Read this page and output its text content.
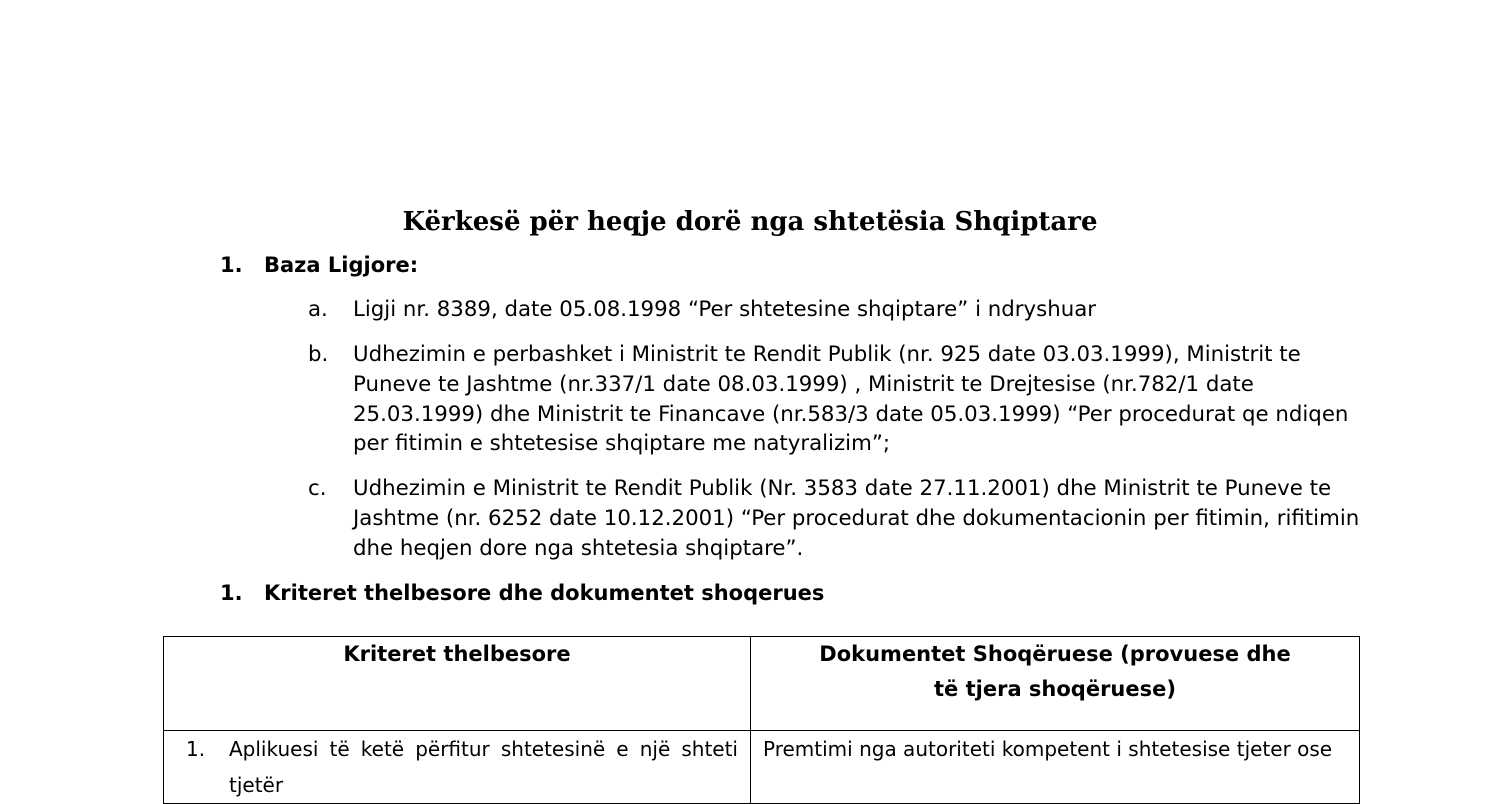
Kërkesë për heqje dorë nga shtetësia Shqiptare
1. Baza Ligjore:
a. Ligji nr. 8389, date 05.08.1998 “Per shtetesine shqiptare” i ndryshuar
b. Udhezimin e perbashket i Ministrit te Rendit Publik (nr. 925 date 03.03.1999), Ministrit te Puneve te Jashtme (nr.337/1 date 08.03.1999) , Ministrit te Drejtesise (nr.782/1 date 25.03.1999) dhe Ministrit te Financave (nr.583/3 date 05.03.1999) “Per procedurat qe ndiqen per fitimin e shtetesise shqiptare me natyralizim”;
c. Udhezimin e Ministrit te Rendit Publik (Nr. 3583 date 27.11.2001) dhe Ministrit te Puneve te Jashtme (nr. 6252 date 10.12.2001) “Per procedurat dhe dokumentacionin per fitimin, rifitimin dhe heqjen dore nga shtetesia shqiptare”.
1. Kriteret thelbesore dhe dokumentet shoqerues
Kriteret thelbesore	Dokumentet Shoqëruese (provuese dhe të tjera shoqëruese)

1. Aplikuesi të ketë përfitur shtetesinë e një shteti tjetër	Premtimi nga autoriteti kompetent i shtetesise tjeter ose
